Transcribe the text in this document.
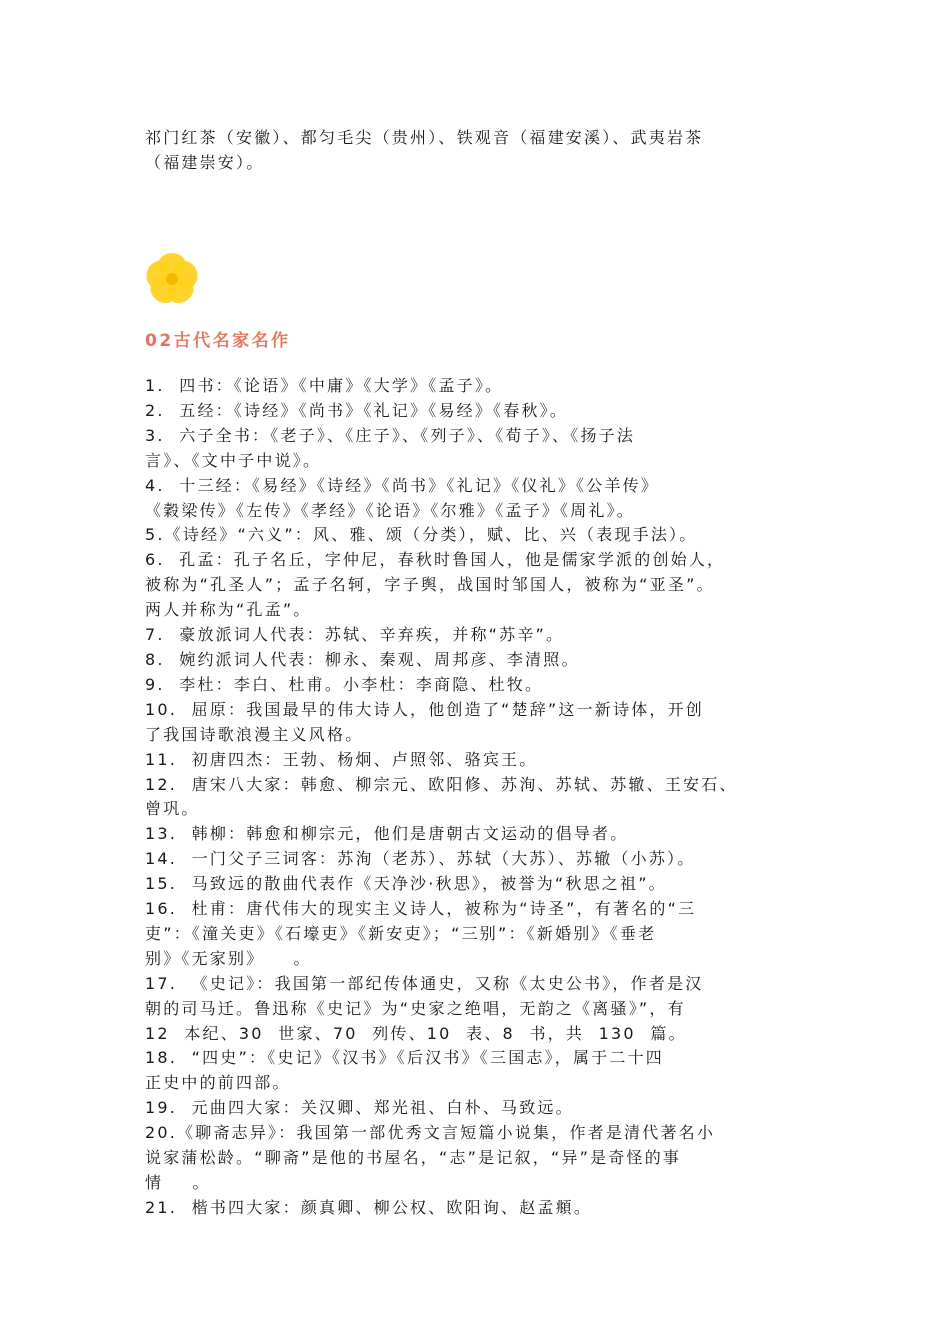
祁门红茶（安徽）、都匀毛尖（贵州）、铁观音（福建安溪）、武夷岩茶
（福建崇安）。
02古代名家名作
1.  四书：《论语》《中庸》《大学》《孟子》。
2.  五经：《诗经》《尚书》《礼记》《易经》《春秋》。
3.  六子全书：《老子》、《庄子》、《列子》、《荀子》、《扬子法
言》、《文中子中说》。
4.  十三经：《易经》《诗经》《尚书》《礼记》《仪礼》《公羊传》
《穀梁传》《左传》《孝经》《论语》《尔雅》《孟子》《周礼》。
5.《诗经》“六义”：风、雅、颂（分类），赋、比、兴（表现手法）。
6.  孔孟：孔子名丘，字仲尼，春秋时鲁国人，他是儒家学派的创始人，
被称为“孔圣人”；孟子名轲，字子舆，战国时邹国人，被称为“亚圣”。
两人并称为“孔孟”。
7.  豪放派词人代表：苏轼、辛弃疾，并称“苏辛”。
8.  婉约派词人代表：柳永、秦观、周邦彦、李清照。
9.  李杜：李白、杜甫。小李杜：李商隐、杜牧。
10.  屈原：我国最早的伟大诗人，他创造了“楚辞”这一新诗体，开创
了我国诗歌浪漫主义风格。
11.  初唐四杰：王勃、杨炯、卢照邻、骆宾王。
12.  唐宋八大家：韩愈、柳宗元、欧阳修、苏洵、苏轼、苏辙、王安石、
曾巩。
13.  韩柳：韩愈和柳宗元，他们是唐朝古文运动的倡导者。
14.  一门父子三词客：苏洵（老苏）、苏轼（大苏）、苏辙（小苏）。
15.  马致远的散曲代表作《天净沙·秋思》，被誉为“秋思之祖”。
16.  杜甫：唐代伟大的现实主义诗人，被称为“诗圣”，有著名的“三
吏”：《潼关吏》《石壕吏》《新安吏》；“三别”：《新婚别》《垂老
别》《无家别》    。
17.  《史记》：我国第一部纪传体通史，又称《太史公书》，作者是汉
朝的司马迁。鲁迅称《史记》为“史家之绝唱，无韵之《离骚》”，有
12  本纪、30  世家、70  列传、10  表、8  书，共  130  篇。
18.  “四史”：《史记》《汉书》《后汉书》《三国志》，属于二十四
正史中的前四部。
19.  元曲四大家：关汉卿、郑光祖、白朴、马致远。
20.《聊斋志异》：我国第一部优秀文言短篇小说集，作者是清代著名小
说家蒲松龄。“聊斋”是他的书屋名，“志”是记叙，“异”是奇怪的事
情    。
21.  楷书四大家：颜真卿、柳公权、欧阳询、赵孟頫。
